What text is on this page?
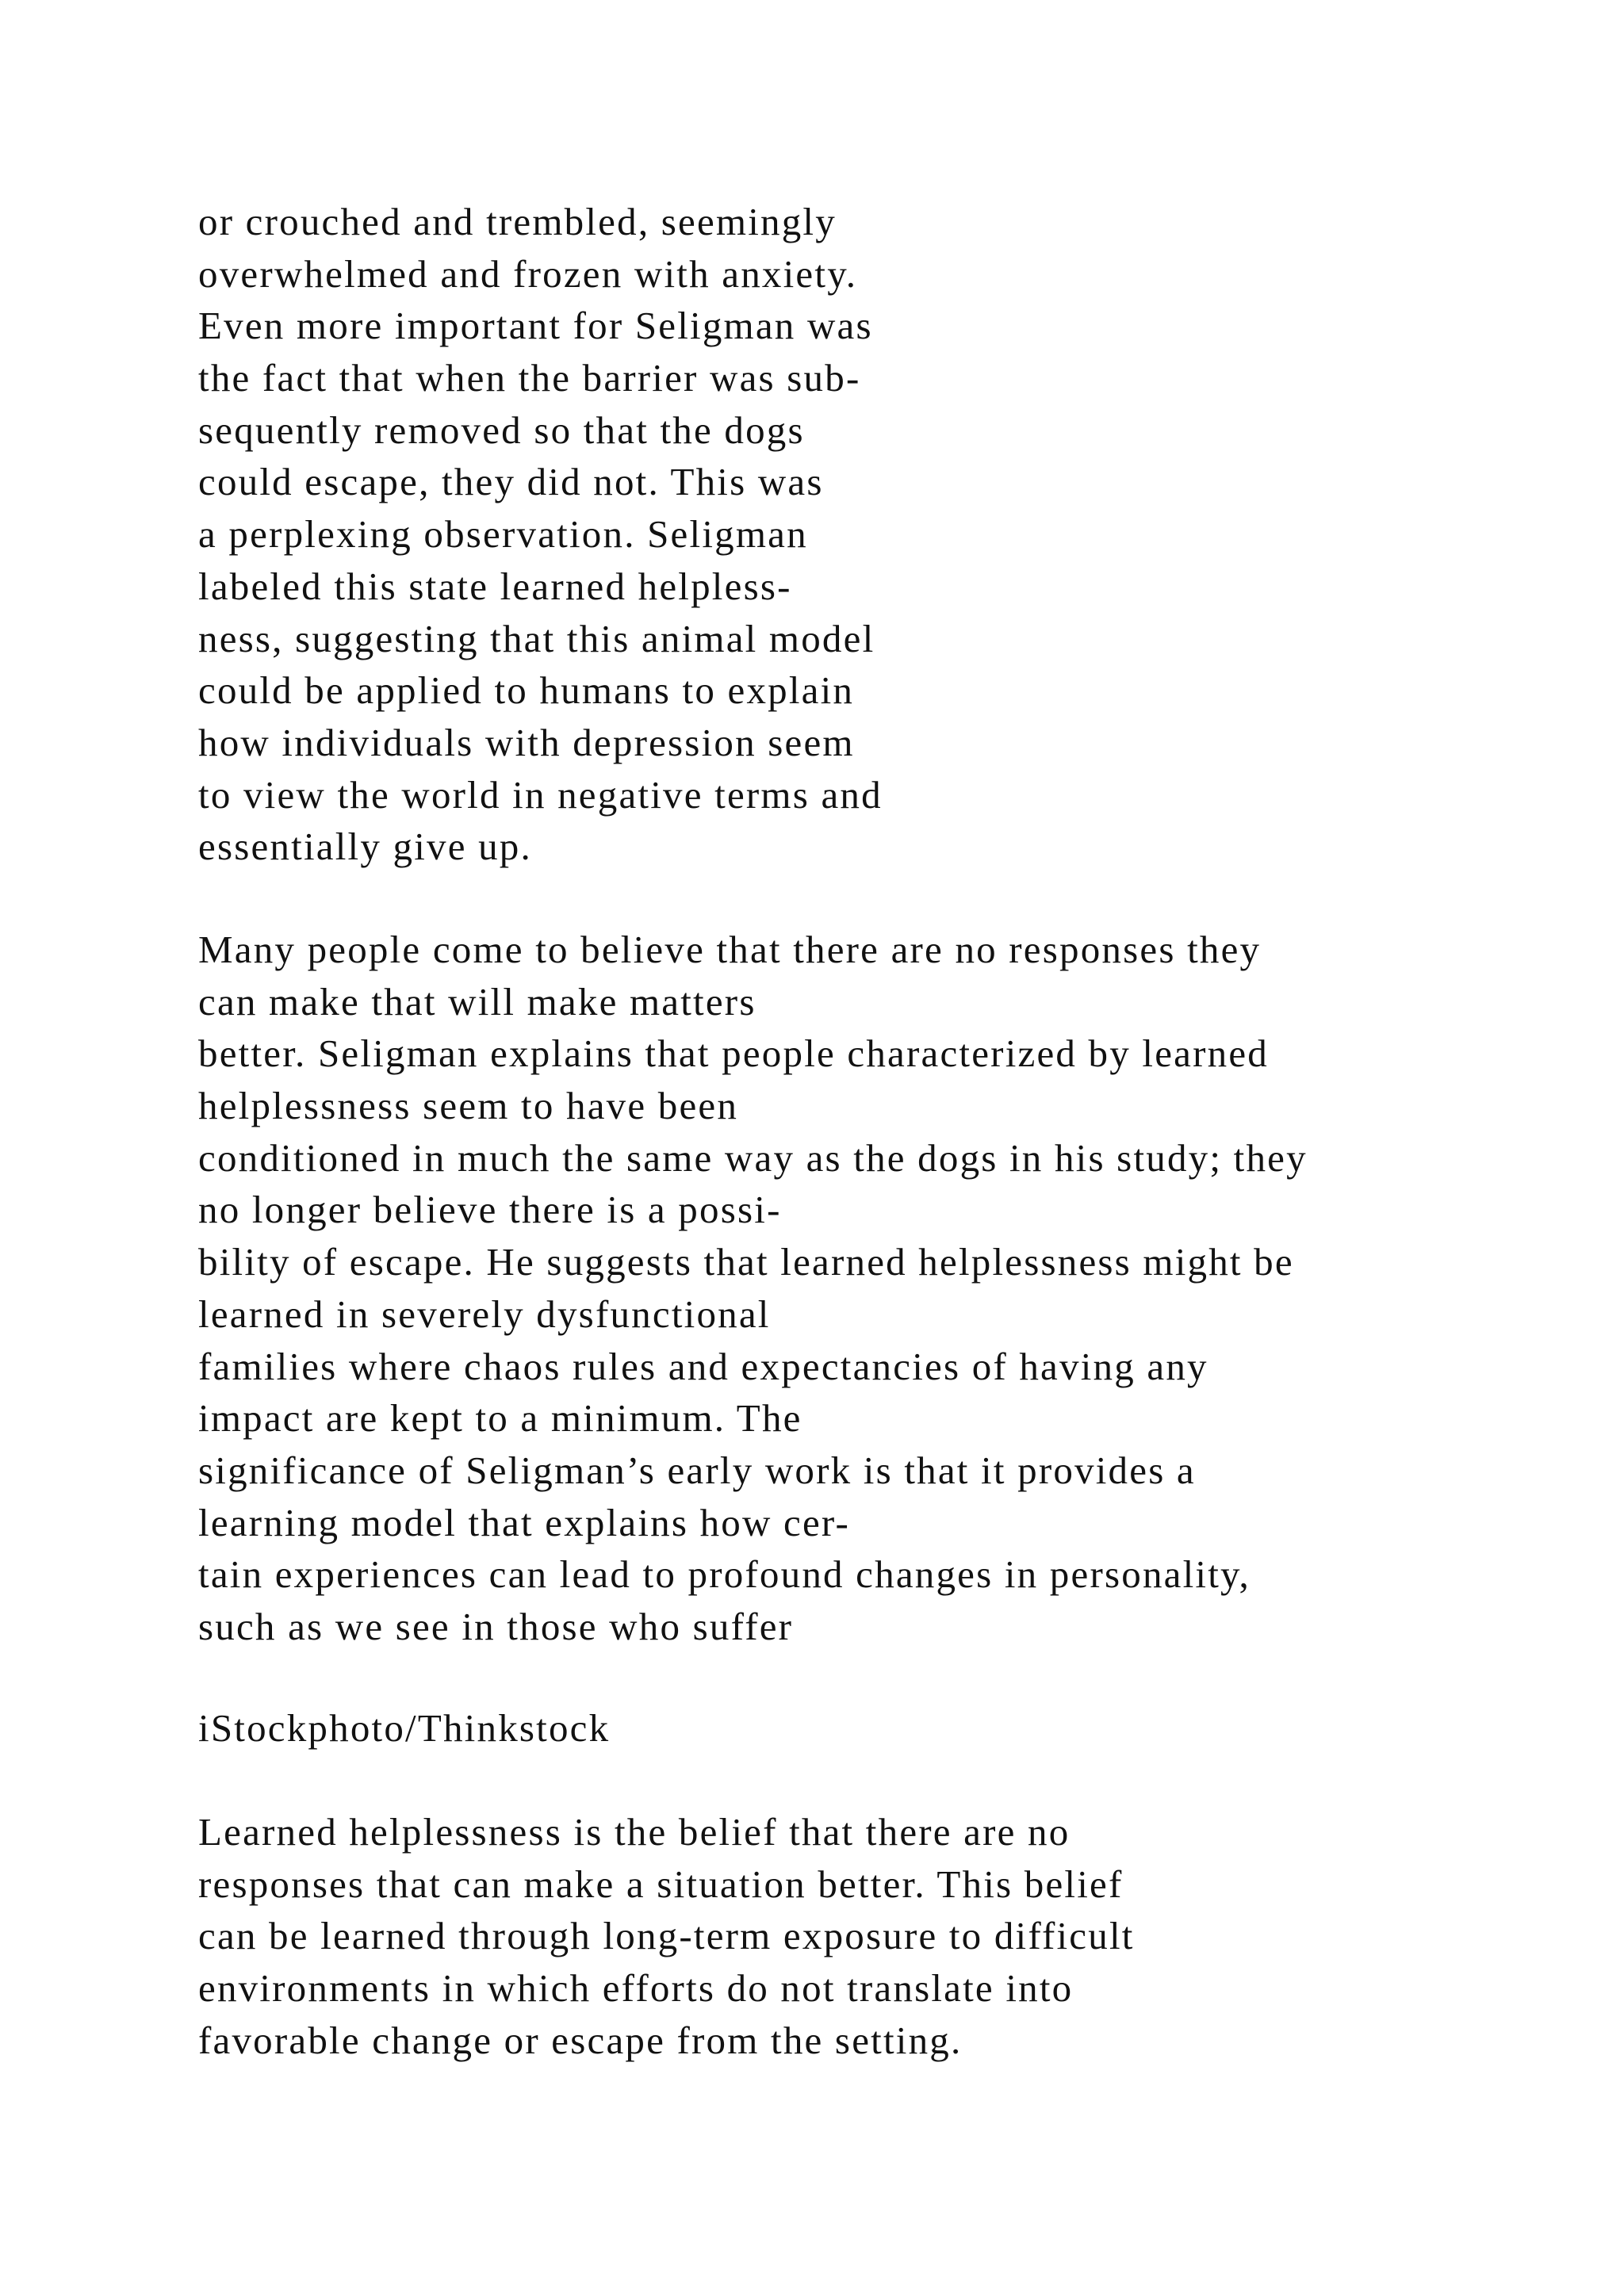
or crouched and trembled, seemingly
overwhelmed and frozen with anxiety.
Even more important for Seligman was
the fact that when the barrier was sub-
sequently removed so that the dogs
could escape, they did not. This was
a perplexing observation. Seligman
labeled this state learned helpless-
ness, suggesting that this animal model
could be applied to humans to explain
how individuals with depression seem
to view the world in negative terms and
essentially give up.
Many people come to believe that there are no responses they
can make that will make matters
better. Seligman explains that people characterized by learned
helplessness seem to have been
conditioned in much the same way as the dogs in his study; they
no longer believe there is a possi-
bility of escape. He suggests that learned helplessness might be
learned in severely dysfunctional
families where chaos rules and expectancies of having any
impact are kept to a minimum. The
significance of Seligman’s early work is that it provides a
learning model that explains how cer-
tain experiences can lead to profound changes in personality,
such as we see in those who suffer
iStockphoto/Thinkstock
Learned helplessness is the belief that there are no
responses that can make a situation better. This belief
can be learned through long-term exposure to difficult
environments in which efforts do not translate into
favorable change or escape from the setting.
